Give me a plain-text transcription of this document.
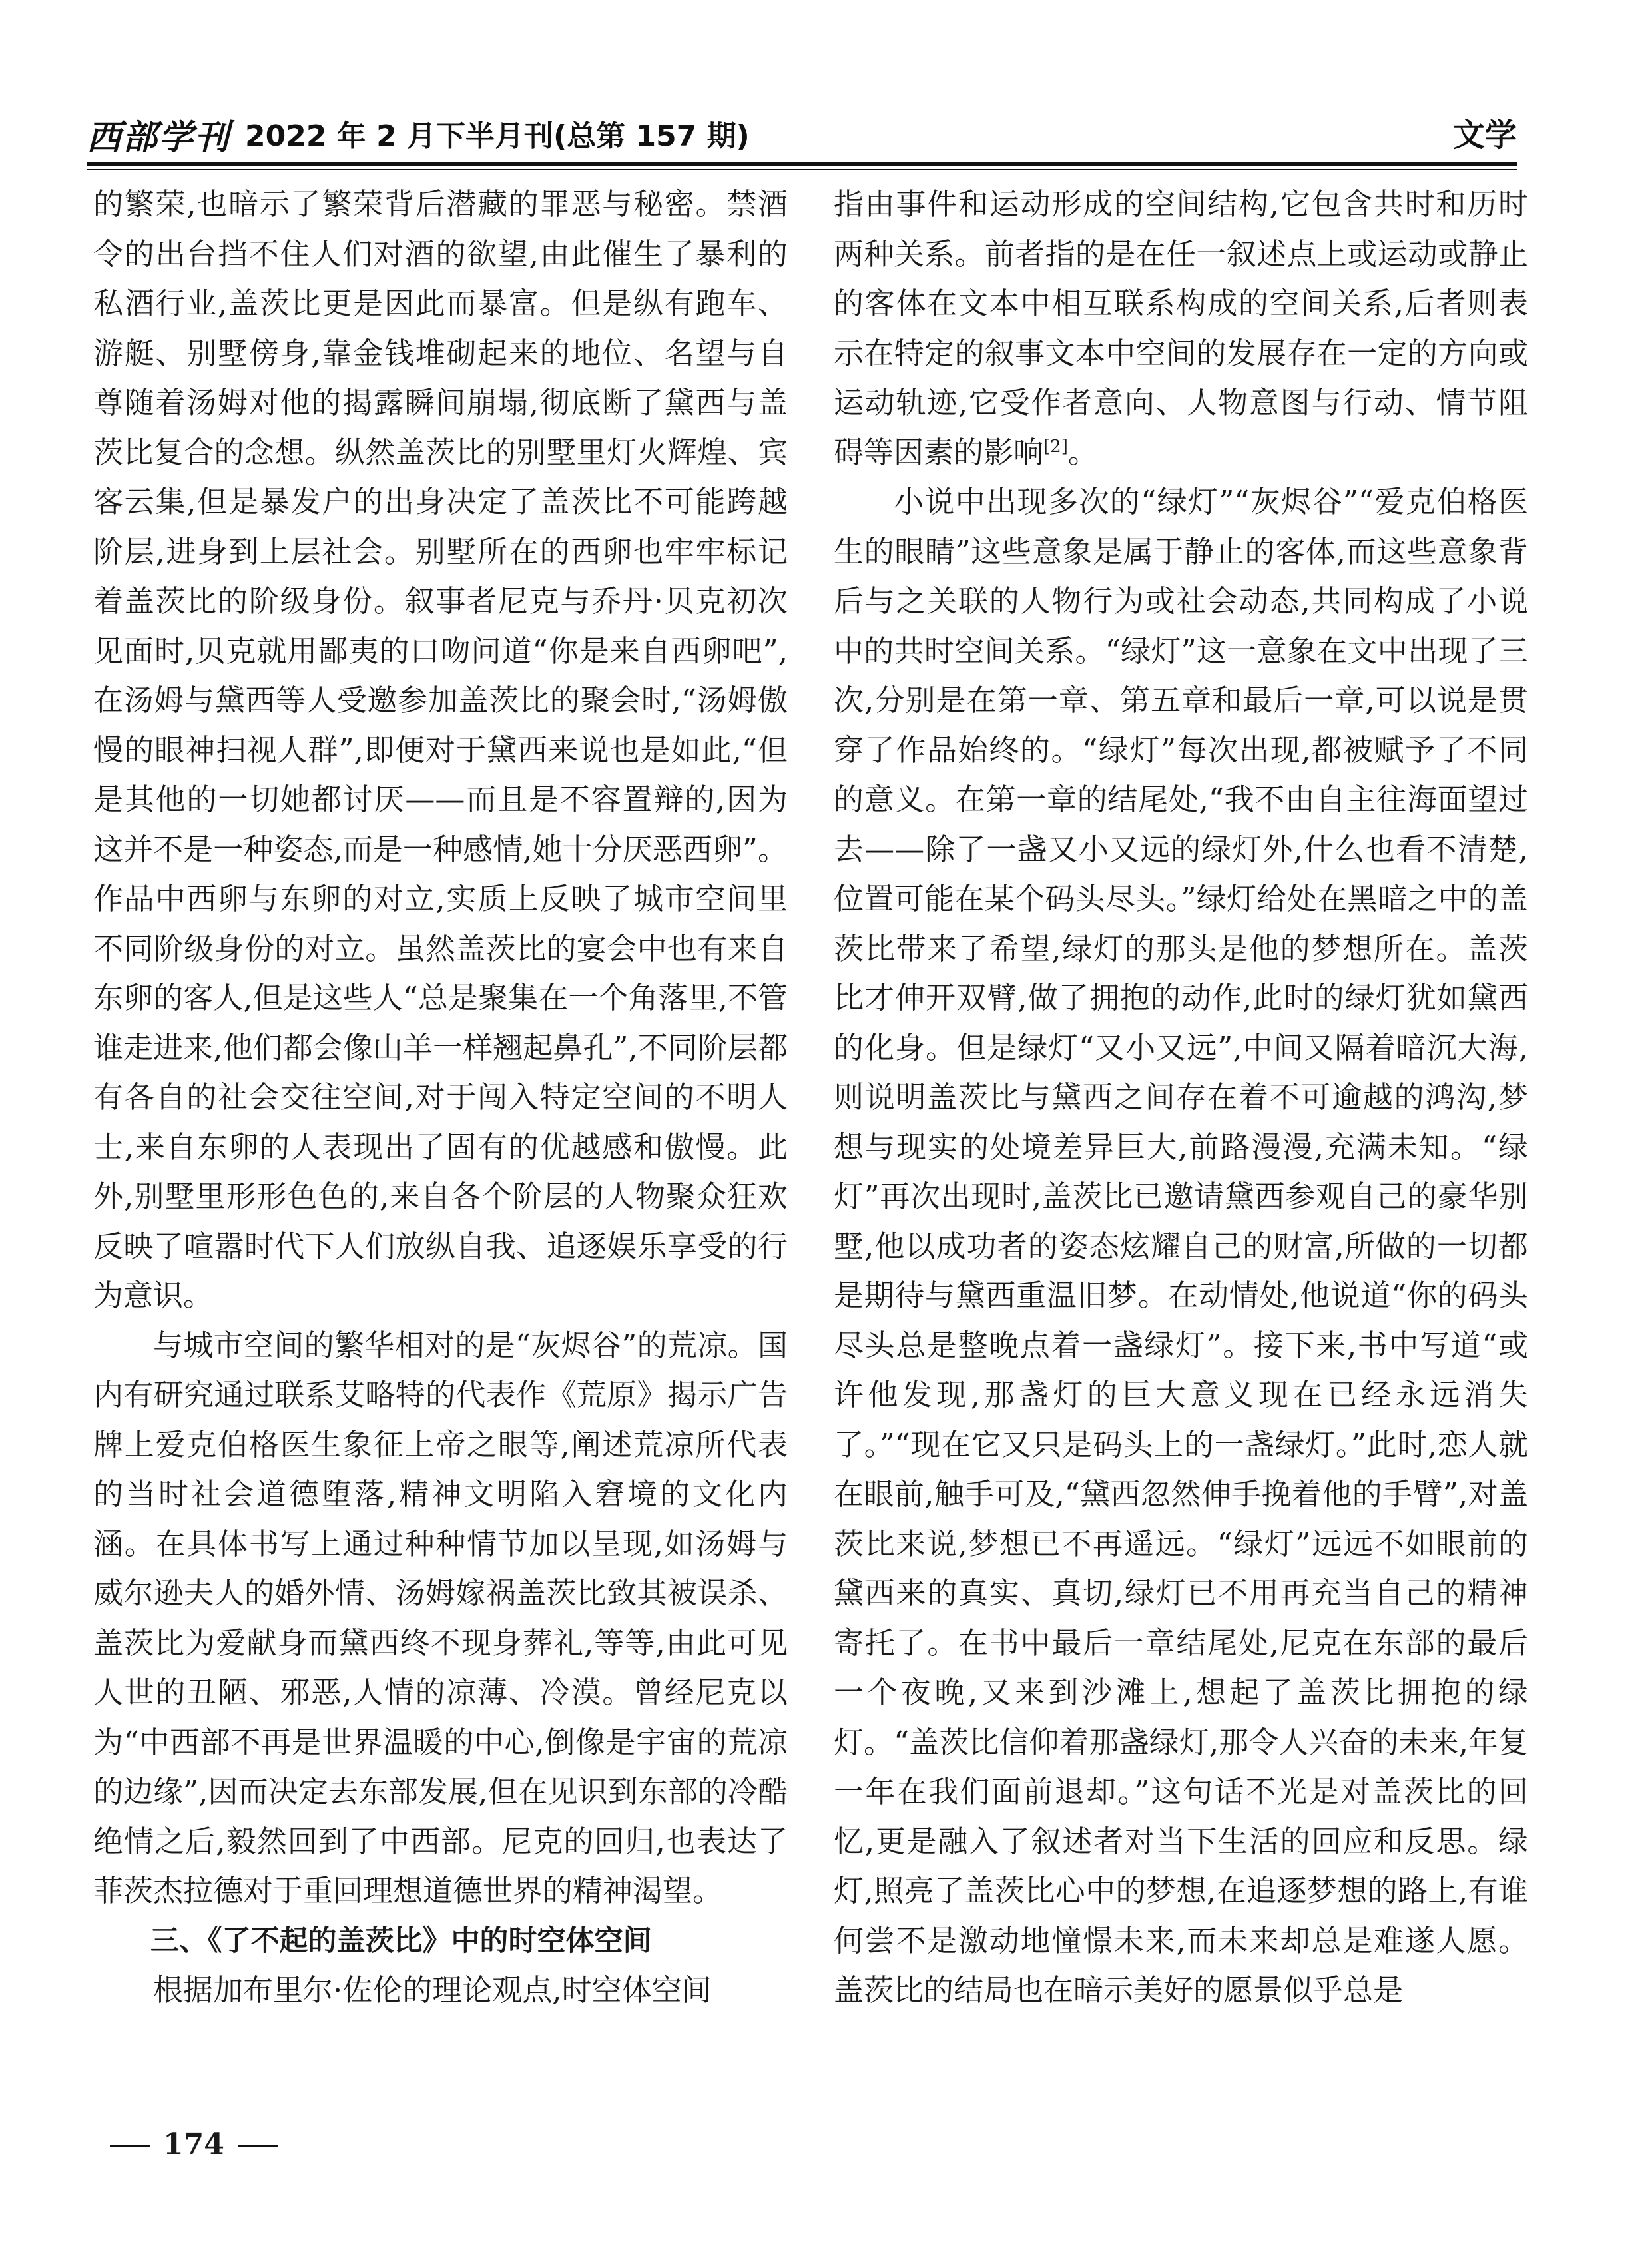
西部学刊 2022 年 2 月下半月刊(总第 157 期)	文学

的繁荣,也暗示了繁荣背后潜藏的罪恶与秘密。禁酒令的出台挡不住人们对酒的欲望,由此催生了暴利的私酒行业,盖茨比更是因此而暴富。但是纵有跑车、游艇、别墅傍身,靠金钱堆砌起来的地位、名望与自尊随着汤姆对他的揭露瞬间崩塌,彻底断了黛西与盖茨比复合的念想。纵然盖茨比的别墅里灯火辉煌、宾客云集,但是暴发户的出身决定了盖茨比不可能跨越阶层,进身到上层社会。别墅所在的西卵也牢牢标记着盖茨比的阶级身份。叙事者尼克与乔丹·贝克初次见面时,贝克就用鄙夷的口吻问道“你是来自西卵吧”,在汤姆与黛西等人受邀参加盖茨比的聚会时,“汤姆傲慢的眼神扫视人群”,即便对于黛西来说也是如此,“但是其他的一切她都讨厌——而且是不容置辩的,因为这并不是一种姿态,而是一种感情,她十分厌恶西卵”。作品中西卵与东卵的对立,实质上反映了城市空间里不同阶级身份的对立。虽然盖茨比的宴会中也有来自东卵的客人,但是这些人“总是聚集在一个角落里,不管谁走进来,他们都会像山羊一样翘起鼻孔”,不同阶层都有各自的社会交往空间,对于闯入特定空间的不明人士,来自东卵的人表现出了固有的优越感和傲慢。此外,别墅里形形色色的,来自各个阶层的人物聚众狂欢反映了喧嚣时代下人们放纵自我、追逐娱乐享受的行为意识。

与城市空间的繁华相对的是“灰烬谷”的荒凉。国内有研究通过联系艾略特的代表作《荒原》揭示广告牌上爱克伯格医生象征上帝之眼等,阐述荒凉所代表的当时社会道德堕落,精神文明陷入窘境的文化内涵。在具体书写上通过种种情节加以呈现,如汤姆与威尔逊夫人的婚外情、汤姆嫁祸盖茨比致其被误杀、盖茨比为爱献身而黛西终不现身葬礼,等等,由此可见人世的丑陋、邪恶,人情的凉薄、冷漠。曾经尼克以为“中西部不再是世界温暖的中心,倒像是宇宙的荒凉的边缘”,因而决定去东部发展,但在见识到东部的冷酷绝情之后,毅然回到了中西部。尼克的回归,也表达了菲茨杰拉德对于重回理想道德世界的精神渴望。

三、《了不起的盖茨比》中的时空体空间

根据加布里尔·佐伦的理论观点,时空体空间

指由事件和运动形成的空间结构,它包含共时和历时两种关系。前者指的是在任一叙述点上或运动或静止的客体在文本中相互联系构成的空间关系,后者则表示在特定的叙事文本中空间的发展存在一定的方向或运动轨迹,它受作者意向、人物意图与行动、情节阻碍等因素的影响[2]。

小说中出现多次的“绿灯”“灰烬谷”“爱克伯格医生的眼睛”这些意象是属于静止的客体,而这些意象背后与之关联的人物行为或社会动态,共同构成了小说中的共时空间关系。“绿灯”这一意象在文中出现了三次,分别是在第一章、第五章和最后一章,可以说是贯穿了作品始终的。“绿灯”每次出现,都被赋予了不同的意义。在第一章的结尾处,“我不由自主往海面望过去——除了一盏又小又远的绿灯外,什么也看不清楚,位置可能在某个码头尽头。”绿灯给处在黑暗之中的盖茨比带来了希望,绿灯的那头是他的梦想所在。盖茨比才伸开双臂,做了拥抱的动作,此时的绿灯犹如黛西的化身。但是绿灯“又小又远”,中间又隔着暗沉大海,则说明盖茨比与黛西之间存在着不可逾越的鸿沟,梦想与现实的处境差异巨大,前路漫漫,充满未知。“绿灯”再次出现时,盖茨比已邀请黛西参观自己的豪华别墅,他以成功者的姿态炫耀自己的财富,所做的一切都是期待与黛西重温旧梦。在动情处,他说道“你的码头尽头总是整晚点着一盏绿灯”。接下来,书中写道“或许他发现,那盏灯的巨大意义现在已经永远消失了。”“现在它又只是码头上的一盏绿灯。”此时,恋人就在眼前,触手可及,“黛西忽然伸手挽着他的手臂”,对盖茨比来说,梦想已不再遥远。“绿灯”远远不如眼前的黛西来的真实、真切,绿灯已不用再充当自己的精神寄托了。在书中最后一章结尾处,尼克在东部的最后一个夜晚,又来到沙滩上,想起了盖茨比拥抱的绿灯。“盖茨比信仰着那盏绿灯,那令人兴奋的未来,年复一年在我们面前退却。”这句话不光是对盖茨比的回忆,更是融入了叙述者对当下生活的回应和反思。绿灯,照亮了盖茨比心中的梦想,在追逐梦想的路上,有谁何尝不是激动地憧憬未来,而未来却总是难遂人愿。盖茨比的结局也在暗示美好的愿景似乎总是

174
